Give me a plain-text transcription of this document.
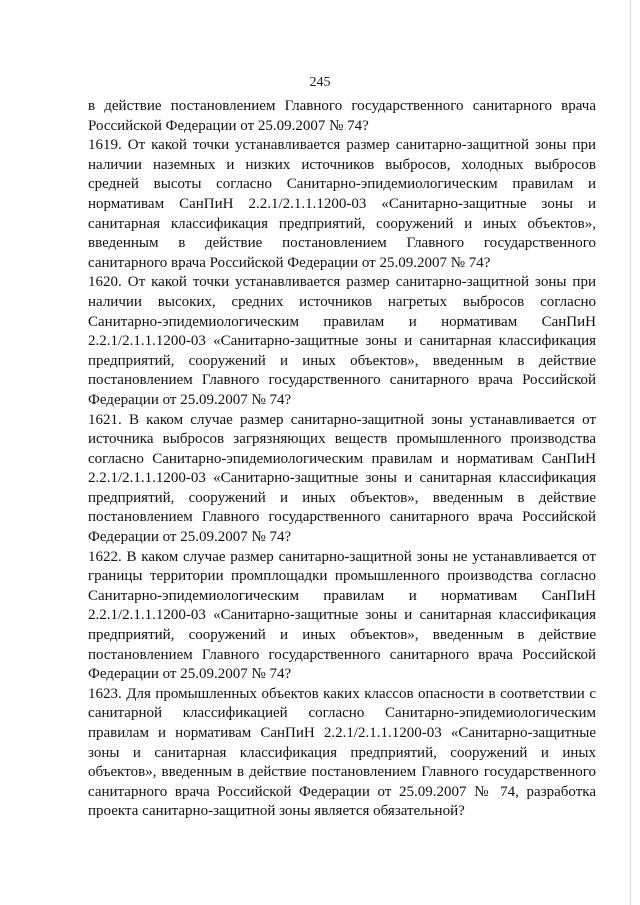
245

в действие постановлением Главного государственного санитарного врача Российской Федерации от 25.09.2007 № 74?

1619. От какой точки устанавливается размер санитарно-защитной зоны при наличии наземных и низких источников выбросов, холодных выбросов средней высоты согласно Санитарно-эпидемиологическим правилам и нормативам СанПиН 2.2.1/2.1.1.1200-03 «Санитарно-защитные зоны и санитарная классификация предприятий, сооружений и иных объектов», введенным в действие постановлением Главного государственного санитарного врача Российской Федерации от 25.09.2007 № 74?

1620. От какой точки устанавливается размер санитарно-защитной зоны при наличии высоких, средних источников нагретых выбросов согласно Санитарно-эпидемиологическим правилам и нормативам СанПиН 2.2.1/2.1.1.1200-03 «Санитарно-защитные зоны и санитарная классификация предприятий, сооружений и иных объектов», введенным в действие постановлением Главного государственного санитарного врача Российской Федерации от 25.09.2007 № 74?

1621. В каком случае размер санитарно-защитной зоны устанавливается от источника выбросов загрязняющих веществ промышленного производства согласно Санитарно-эпидемиологическим правилам и нормативам СанПиН 2.2.1/2.1.1.1200-03 «Санитарно-защитные зоны и санитарная классификация предприятий, сооружений и иных объектов», введенным в действие постановлением Главного государственного санитарного врача Российской Федерации от 25.09.2007 № 74?

1622. В каком случае размер санитарно-защитной зоны не устанавливается от границы территории промплощадки промышленного производства согласно Санитарно-эпидемиологическим правилам и нормативам СанПиН 2.2.1/2.1.1.1200-03 «Санитарно-защитные зоны и санитарная классификация предприятий, сооружений и иных объектов», введенным в действие постановлением Главного государственного санитарного врача Российской Федерации от 25.09.2007 № 74?

1623. Для промышленных объектов каких классов опасности в соответствии с санитарной классификацией согласно Санитарно-эпидемиологическим правилам и нормативам СанПиН 2.2.1/2.1.1.1200-03 «Санитарно-защитные зоны и санитарная классификация предприятий, сооружений и иных объектов», введенным в действие постановлением Главного государственного санитарного врача Российской Федерации от 25.09.2007 № 74, разработка проекта санитарно-защитной зоны является обязательной?
